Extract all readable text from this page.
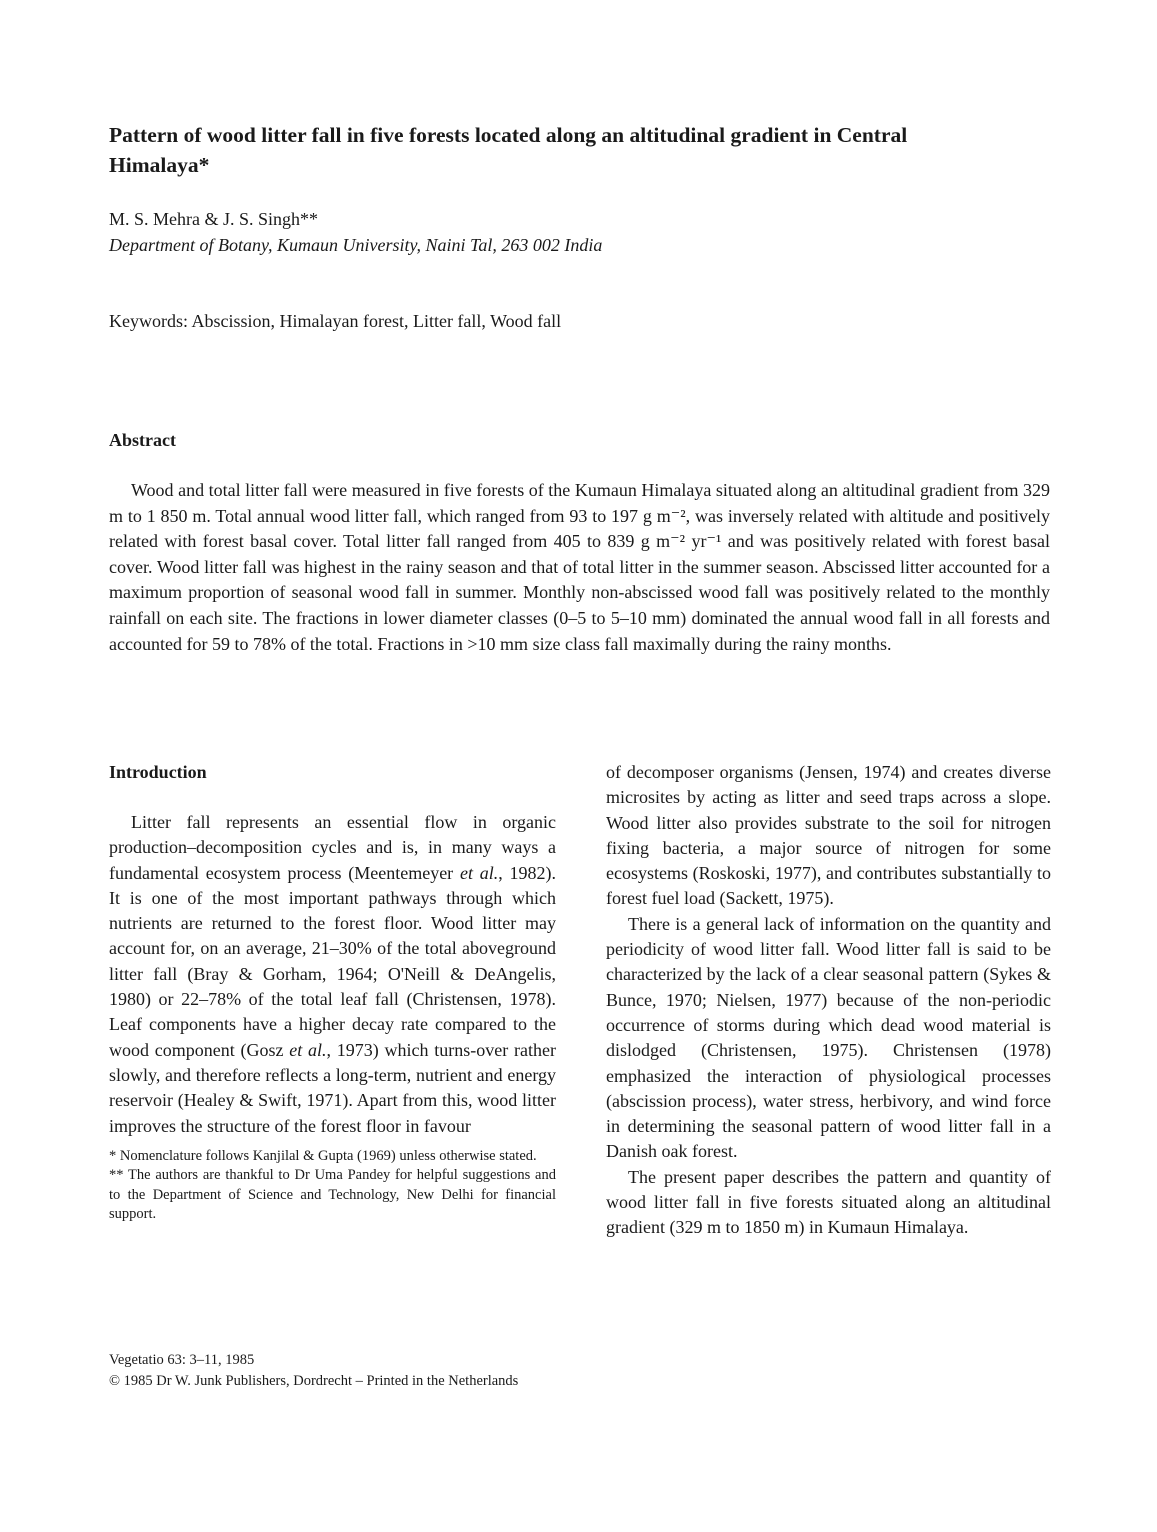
Pattern of wood litter fall in five forests located along an altitudinal gradient in Central Himalaya*
M. S. Mehra & J. S. Singh**
Department of Botany, Kumaun University, Naini Tal, 263 002 India
Keywords: Abscission, Himalayan forest, Litter fall, Wood fall
Abstract

Wood and total litter fall were measured in five forests of the Kumaun Himalaya situated along an altitudinal gradient from 329 m to 1 850 m. Total annual wood litter fall, which ranged from 93 to 197 g m⁻², was inversely related with altitude and positively related with forest basal cover. Total litter fall ranged from 405 to 839 g m⁻² yr⁻¹ and was positively related with forest basal cover. Wood litter fall was highest in the rainy season and that of total litter in the summer season. Abscissed litter accounted for a maximum proportion of seasonal wood fall in summer. Monthly non-abscissed wood fall was positively related to the monthly rainfall on each site. The fractions in lower diameter classes (0–5 to 5–10 mm) dominated the annual wood fall in all forests and accounted for 59 to 78% of the total. Fractions in >10 mm size class fall maximally during the rainy months.

Introduction

Litter fall represents an essential flow in organic production–decomposition cycles and is, in many ways a fundamental ecosystem process (Meentemeyer et al., 1982). It is one of the most important pathways through which nutrients are returned to the forest floor. Wood litter may account for, on an average, 21–30% of the total aboveground litter fall (Bray & Gorham, 1964; O'Neill & DeAngelis, 1980) or 22–78% of the total leaf fall (Christensen, 1978). Leaf components have a higher decay rate compared to the wood component (Gosz et al., 1973) which turns-over rather slowly, and therefore reflects a long-term, nutrient and energy reservoir (Healey & Swift, 1971). Apart from this, wood litter improves the structure of the forest floor in favour

* Nomenclature follows Kanjilal & Gupta (1969) unless otherwise stated.

** The authors are thankful to Dr Uma Pandey for helpful suggestions and to the Department of Science and Technology, New Delhi for financial support.

of decomposer organisms (Jensen, 1974) and creates diverse microsites by acting as litter and seed traps across a slope. Wood litter also provides substrate to the soil for nitrogen fixing bacteria, a major source of nitrogen for some ecosystems (Roskoski, 1977), and contributes substantially to forest fuel load (Sackett, 1975).

There is a general lack of information on the quantity and periodicity of wood litter fall. Wood litter fall is said to be characterized by the lack of a clear seasonal pattern (Sykes & Bunce, 1970; Nielsen, 1977) because of the non-periodic occurrence of storms during which dead wood material is dislodged (Christensen, 1975). Christensen (1978) emphasized the interaction of physiological processes (abscission process), water stress, herbivory, and wind force in determining the seasonal pattern of wood litter fall in a Danish oak forest.

The present paper describes the pattern and quantity of wood litter fall in five forests situated along an altitudinal gradient (329 m to 1850 m) in Kumaun Himalaya.

Vegetatio 63: 3–11, 1985

© 1985 Dr W. Junk Publishers, Dordrecht – Printed in the Netherlands
